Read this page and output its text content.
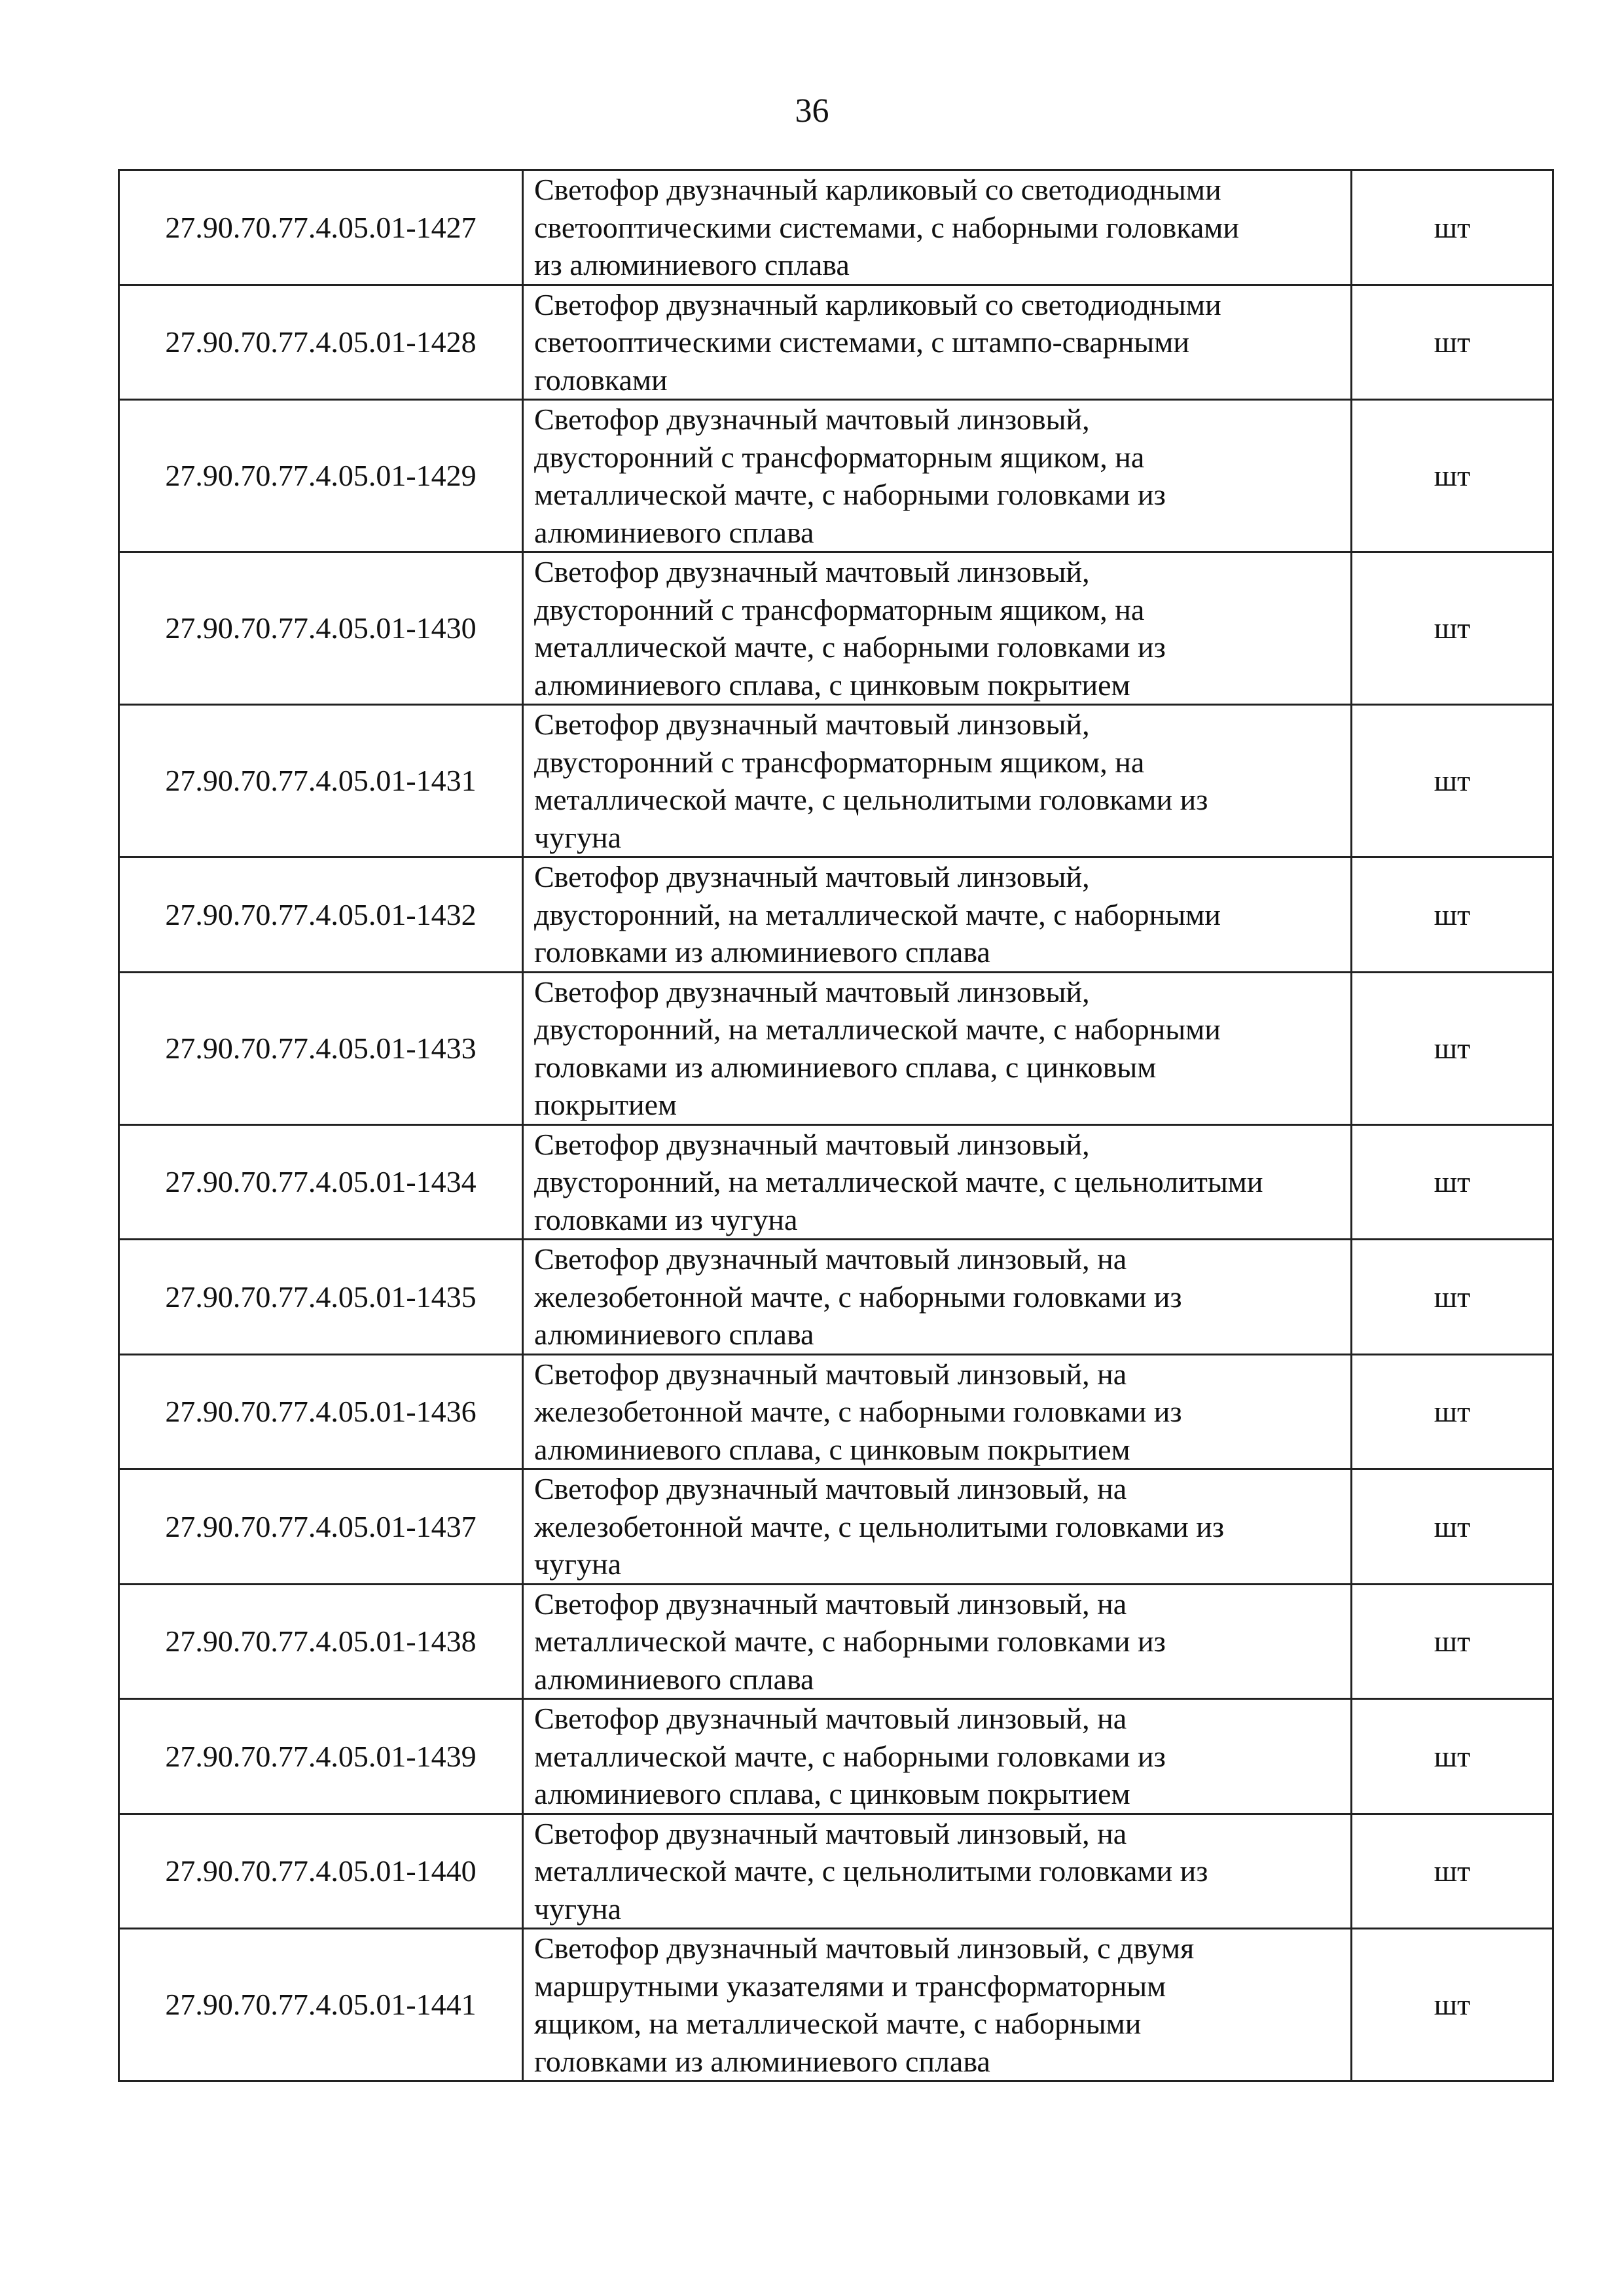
36
27.90.70.77.4.05.01-1427	Светофор двузначный карликовый со светодиодными
светооптическими системами, с наборными головками
из алюминиевого сплава	шт
27.90.70.77.4.05.01-1428	Светофор двузначный карликовый со светодиодными
светооптическими системами, с штампо-сварными
головками	шт
27.90.70.77.4.05.01-1429	Светофор двузначный мачтовый линзовый,
двусторонний с трансформаторным ящиком, на
металлической мачте, с наборными головками из
алюминиевого сплава	шт
27.90.70.77.4.05.01-1430	Светофор двузначный мачтовый линзовый,
двусторонний с трансформаторным ящиком, на
металлической мачте, с наборными головками из
алюминиевого сплава, с цинковым покрытием	шт
27.90.70.77.4.05.01-1431	Светофор двузначный мачтовый линзовый,
двусторонний с трансформаторным ящиком, на
металлической мачте, с цельнолитыми головками из
чугуна	шт
27.90.70.77.4.05.01-1432	Светофор двузначный мачтовый линзовый,
двусторонний, на металлической мачте, с наборными
головками из алюминиевого сплава	шт
27.90.70.77.4.05.01-1433	Светофор двузначный мачтовый линзовый,
двусторонний, на металлической мачте, с наборными
головками из алюминиевого сплава, с цинковым
покрытием	шт
27.90.70.77.4.05.01-1434	Светофор двузначный мачтовый линзовый,
двусторонний, на металлической мачте, с цельнолитыми
головками из чугуна	шт
27.90.70.77.4.05.01-1435	Светофор двузначный мачтовый линзовый, на
железобетонной мачте, с наборными головками из
алюминиевого сплава	шт
27.90.70.77.4.05.01-1436	Светофор двузначный мачтовый линзовый, на
железобетонной мачте, с наборными головками из
алюминиевого сплава, с цинковым покрытием	шт
27.90.70.77.4.05.01-1437	Светофор двузначный мачтовый линзовый, на
железобетонной мачте, с цельнолитыми головками из
чугуна	шт
27.90.70.77.4.05.01-1438	Светофор двузначный мачтовый линзовый, на
металлической мачте, с наборными головками из
алюминиевого сплава	шт
27.90.70.77.4.05.01-1439	Светофор двузначный мачтовый линзовый, на
металлической мачте, с наборными головками из
алюминиевого сплава, с цинковым покрытием	шт
27.90.70.77.4.05.01-1440	Светофор двузначный мачтовый линзовый, на
металлической мачте, с цельнолитыми головками из
чугуна	шт
27.90.70.77.4.05.01-1441	Светофор двузначный мачтовый линзовый, с двумя
маршрутными указателями и трансформаторным
ящиком, на металлической мачте, с наборными
головками из алюминиевого сплава	шт
